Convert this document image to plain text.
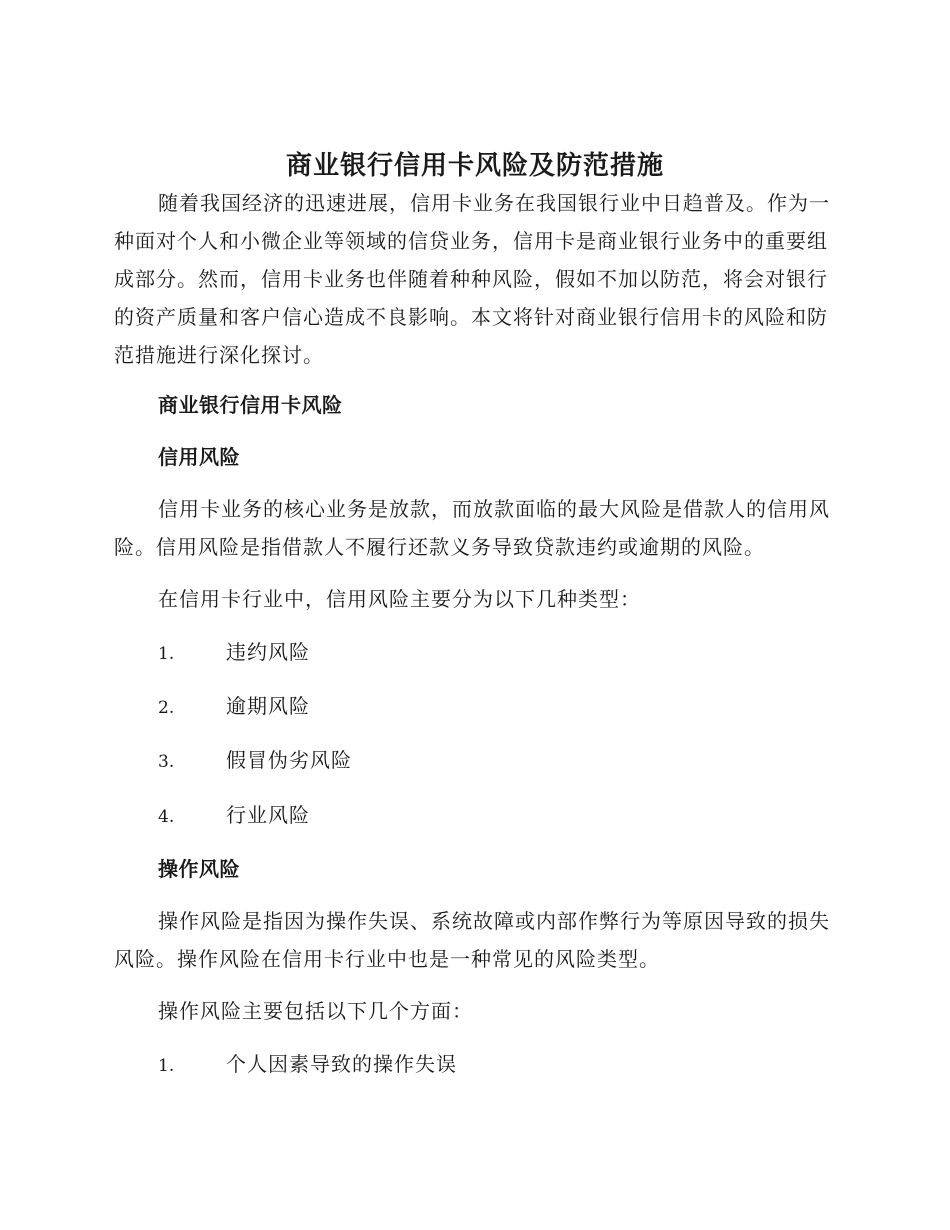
商业银行信用卡风险及防范措施

随着我国经济的迅速进展，信用卡业务在我国银行业中日趋普及。作为一种面对个人和小微企业等领域的信贷业务，信用卡是商业银行业务中的重要组成部分。然而，信用卡业务也伴随着种种风险，假如不加以防范，将会对银行的资产质量和客户信心造成不良影响。本文将针对商业银行信用卡的风险和防范措施进行深化探讨。

商业银行信用卡风险

信用风险

信用卡业务的核心业务是放款，而放款面临的最大风险是借款人的信用风险。信用风险是指借款人不履行还款义务导致贷款违约或逾期的风险。

在信用卡行业中，信用风险主要分为以下几种类型：

1.	违约风险
2.	逾期风险
3.	假冒伪劣风险
4.	行业风险

操作风险

操作风险是指因为操作失误、系统故障或内部作弊行为等原因导致的损失风险。操作风险在信用卡行业中也是一种常见的风险类型。

操作风险主要包括以下几个方面：

1.	个人因素导致的操作失误
